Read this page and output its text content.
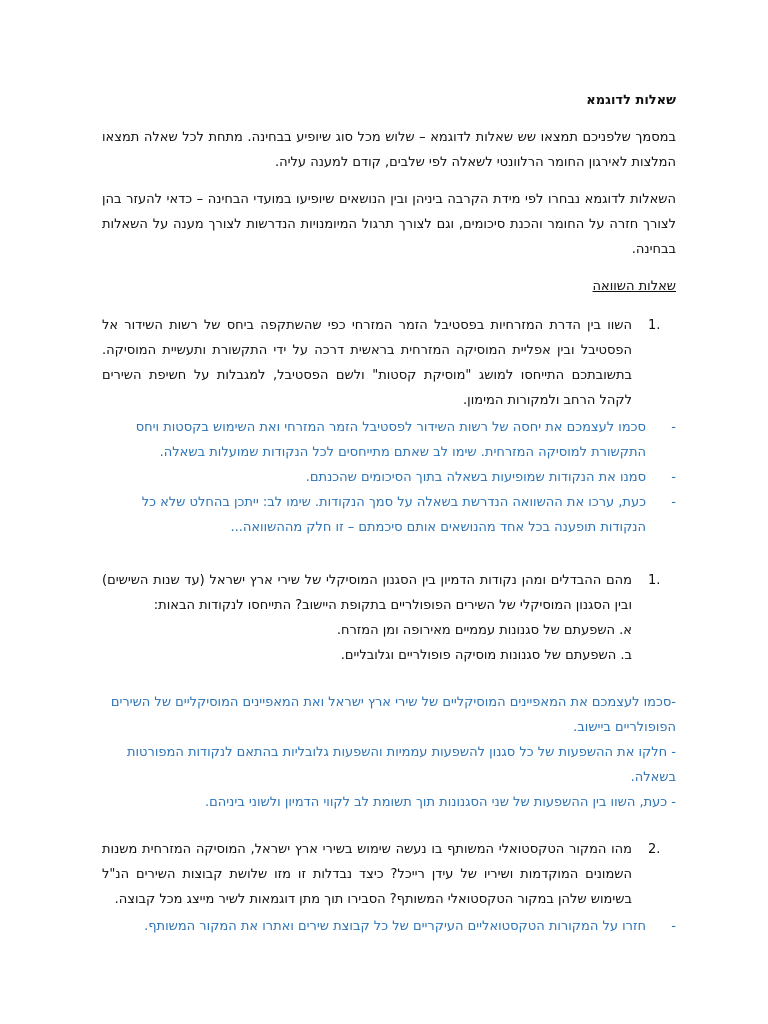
שאלות לדוגמא

במסמך שלפניכם תמצאו שש שאלות לדוגמא – שלוש מכל סוג שיופיע בבחינה. מתחת לכל שאלה תמצאו המלצות לאירגון החומר הרלוונטי לשאלה לפי שלבים, קודם למענה עליה.

השאלות לדוגמא נבחרו לפי מידת הקרבה ביניהן ובין הנושאים שיופיעו במועדי הבחינה – כדאי להעזר בהן לצורך חזרה על החומר והכנת סיכומים, וגם לצורך תרגול המיומנויות הנדרשות לצורך מענה על השאלות בבחינה.

שאלות השוואה
1.

השוו בין הדרת המזרחיות בפסטיבל הזמר המזרחי כפי שהשתקפה ביחס של רשות השידור אל הפסטיבל ובין אפליית המוסיקה המזרחית בראשית דרכה על ידי התקשורת ותעשיית המוסיקה. בתשובתכם התייחסו למושג "מוסיקת קסטות" ולשם הפסטיבל, למגבלות על חשיפת השירים לקהל הרחב ולמקורות המימון.

-
סכמו לעצמכם את יחסה של רשות השידור לפסטיבל הזמר המזרחי ואת השימוש בקסטות ויחס התקשורת למוסיקה המזרחית. שימו לב שאתם מתייחסים לכל הנקודות שמועלות בשאלה.
-
סמנו את הנקודות שמופיעות בשאלה בתוך הסיכומים שהכנתם.
-
כעת, ערכו את ההשוואה הנדרשת בשאלה על סמך הנקודות. שימו לב: ייתכן בהחלט שלא כל הנקודות תופענה בכל אחד מהנושאים אותם סיכמתם – זו חלק מההשוואה...
1.

מהם ההבדלים ומהן נקודות הדמיון בין הסגנון המוסיקלי של שירי ארץ ישראל (עד שנות השישים) ובין הסגנון המוסיקלי של השירים הפופולריים בתקופת היישוב? התייחסו לנקודות הבאות:

א. השפעתם של סגנונות עממיים מאירופה ומן המזרח.
ב. השפעתם של סגנונות מוסיקה פופולריים וגלובליים.
-סכמו לעצמכם את המאפיינים המוסיקליים של שירי ארץ ישראל ואת המאפיינים המוסיקליים של השירים הפופולריים ביישוב.
- חלקו את ההשפעות של כל סגנון להשפעות עממיות והשפעות גלובליות בהתאם לנקודות המפורטות בשאלה.
- כעת, השוו בין ההשפעות של שני הסגנונות תוך תשומת לב לקווי הדמיון ולשוני ביניהם.
2.

מהו המקור הטקסטואלי המשותף בו נעשה שימוש בשירי ארץ ישראל, המוסיקה המזרחית משנות השמונים המוקדמות ושיריו של עידן רייכל? כיצד נבדלות זו מזו שלושת קבוצות השירים הנ"ל בשימוש שלהן במקור הטקסטואלי המשותף? הסבירו תוך מתן דוגמאות לשיר מייצג מכל קבוצה.

-
חזרו על המקורות הטקסטואליים העיקריים של כל קבוצת שירים ואתרו את המקור המשותף.
